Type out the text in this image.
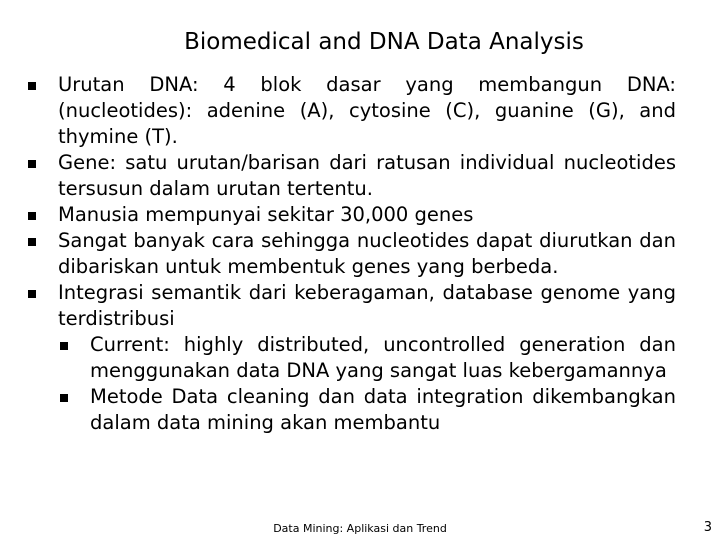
Biomedical and DNA Data Analysis
Urutan DNA: 4 blok dasar yang membangun DNA: (nucleotides): adenine (A), cytosine (C), guanine (G), and thymine (T).
Gene: satu urutan/barisan dari ratusan individual nucleotides tersusun dalam urutan tertentu.
Manusia mempunyai sekitar 30,000 genes
Sangat banyak cara sehingga nucleotides dapat diurutkan dan dibariskan untuk membentuk genes yang berbeda.
Integrasi semantik dari keberagaman, database genome yang terdistribusi
Current: highly distributed, uncontrolled generation dan menggunakan data DNA yang sangat luas kebergamannya
Metode Data cleaning dan data integration dikembangkan dalam data mining akan membantu
Data Mining: Aplikasi dan Trend	3
